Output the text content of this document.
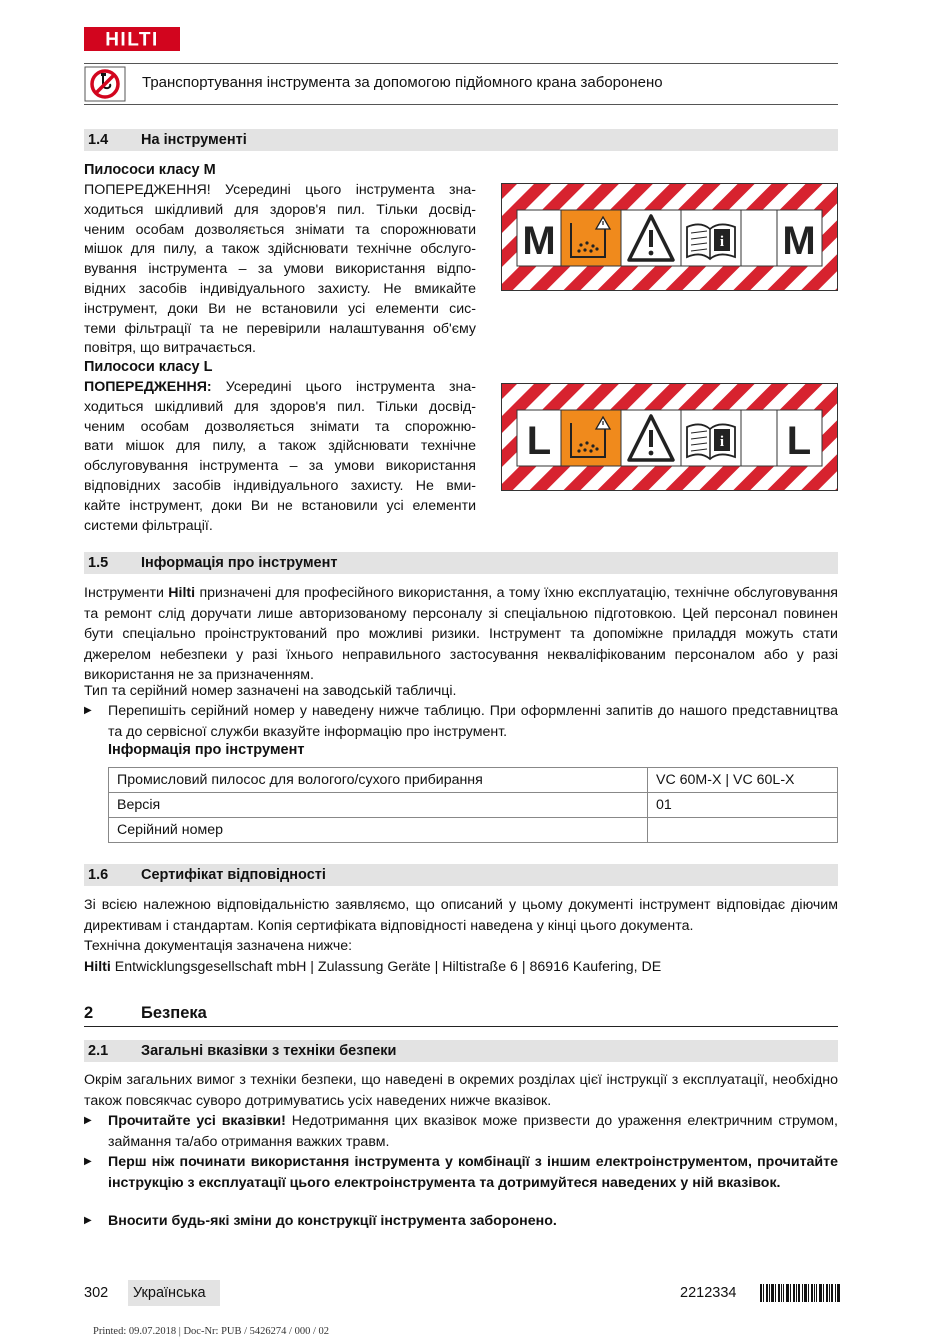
HILTI
Транспортування інструмента за допомогою підйомного крана заборонено
1.4 На інструменті
Пилососи класу M
ПОПЕРЕДЖЕННЯ! Усередині цього інструмента зна-
ходиться шкідливий для здоров'я пил. Тільки досвід-
ченим особам дозволяється знімати та спорожнювати
мішок для пилу, а також здійснювати технічне обслуго-
вування інструмента – за умови використання відпо-
відних засобів індивідуального захисту. Не вмикайте
інструмент, доки Ви не встановили усі елементи сис-
теми фільтрації та не перевірили налаштування об'єму
повітря, що витрачається.
M	M
i
Пилососи класу L
ПОПЕРЕДЖЕННЯ: Усередині цього інструмента зна-
ходиться шкідливий для здоров'я пил. Тільки досвід-
ченим особам дозволяється знімати та спорожню-
вати мішок для пилу, а також здійснювати технічне
обслуговування інструмента – за умови використання
відповідних засобів індивідуального захисту. Не вми-
кайте інструмент, доки Ви не встановили усі елементи
системи фільтрації.
L	L
i
1.5 Інформація про інструмент
Інструменти Hilti призначені для професійного використання, а тому їхню експлуатацію, технічне обслуговування та ремонт слід доручати лише авторизованому персоналу зі спеціальною підготовкою. Цей персонал повинен бути спеціально проінструктований про можливі ризики. Інструмент та допоміжне приладдя можуть стати джерелом небезпеки у разі їхнього неправильного застосування некваліфікованим персоналом або у разі використання не за призначенням.
Тип та серійний номер зазначені на заводській табличці.
▶ Перепишіть серійний номер у наведену нижче таблицю. При оформленні запитів до нашого представництва та до сервісної служби вказуйте інформацію про інструмент.
Інформація про інструмент
Промисловий пилосос для вологого/сухого прибирання	VC 60M-X | VC 60L-X
Версія	01
Серійний номер	
1.6 Сертифікат відповідності
Зі всією належною відповідальністю заявляємо, що описаний у цьому документі інструмент відповідає діючим директивам і стандартам. Копія сертифіката відповідності наведена у кінці цього документа.
Технічна документація зазначена нижче:
Hilti Entwicklungsgesellschaft mbH | Zulassung Geräte | Hiltistraße 6 | 86916 Kaufering, DE
2	Безпека
2.1 Загальні вказівки з техніки безпеки
Окрім загальних вимог з техніки безпеки, що наведені в окремих розділах цієї інструкції з експлуатації, необхідно також повсякчас суворо дотримуватись усіх наведених нижче вказівок.
▶ Прочитайте усі вказівки! Недотримання цих вказівок може призвести до ураження електричним струмом, займання та/або отримання важких травм.
▶ Перш ніж починати використання інструмента у комбінації з іншим електроінструментом, прочитайте інструкцію з експлуатації цього електроінструмента та дотримуйтеся наведених у ній вказівок.
▶ Вносити будь-які зміни до конструкції інструмента заборонено.
302 Українська	2212334
Printed: 09.07.2018 | Doc-Nr: PUB / 5426274 / 000 / 02
